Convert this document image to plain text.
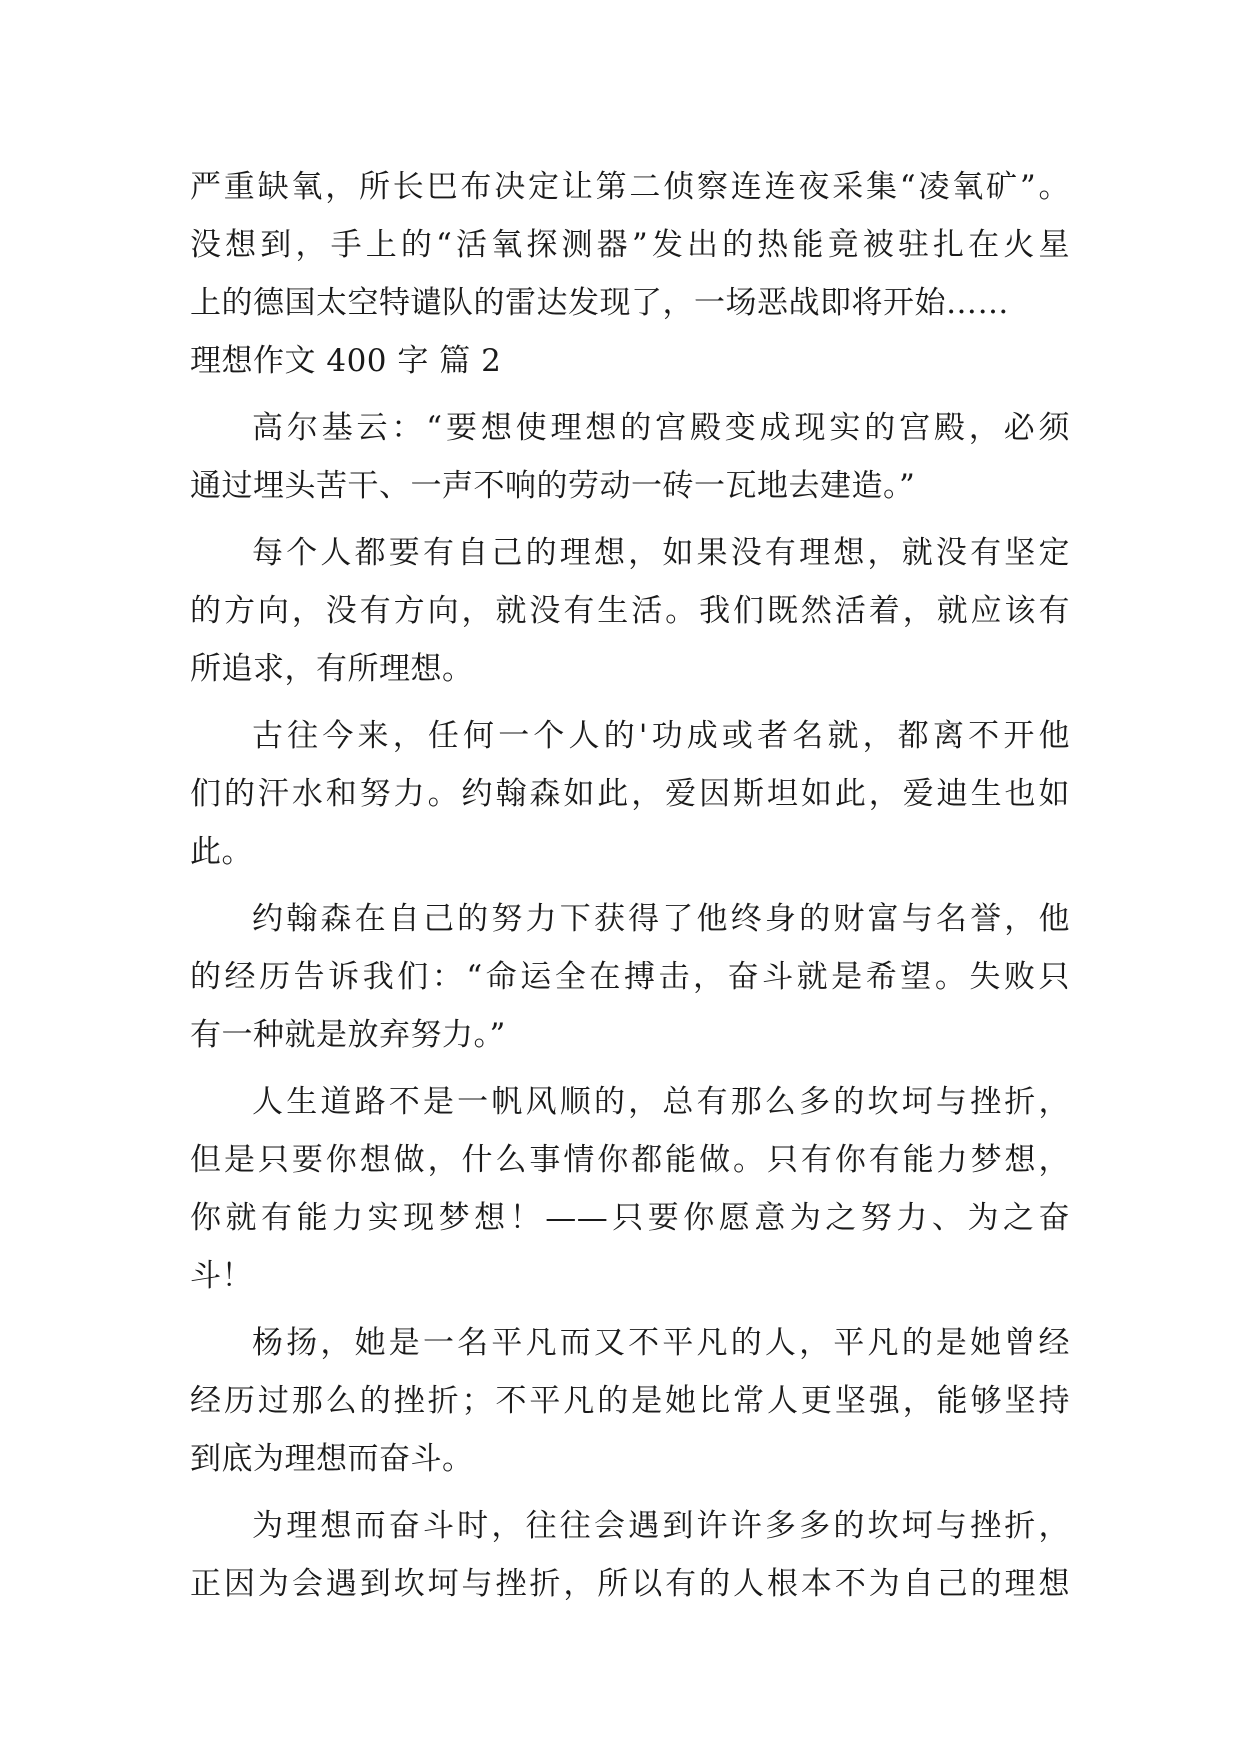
严重缺氧，所长巴布决定让第二侦察连连夜采集“凌氧矿”。
没想到，手上的“活氧探测器”发出的热能竟被驻扎在火星
上的德国太空特谴队的雷达发现了，一场恶战即将开始……
理想作文 400 字 篇 2
高尔基云：“要想使理想的宫殿变成现实的宫殿，必须
通过埋头苦干、一声不响的劳动一砖一瓦地去建造。”
每个人都要有自己的理想，如果没有理想，就没有坚定
的方向，没有方向，就没有生活。我们既然活着，就应该有
所追求，有所理想。
古往今来，任何一个人的'功成或者名就，都离不开他
们的汗水和努力。约翰森如此，爱因斯坦如此，爱迪生也如
此。
约翰森在自己的努力下获得了他终身的财富与名誉，他
的经历告诉我们：“命运全在搏击，奋斗就是希望。失败只
有一种就是放弃努力。”
人生道路不是一帆风顺的，总有那么多的坎坷与挫折，
但是只要你想做，什么事情你都能做。只有你有能力梦想，
你就有能力实现梦想！——只要你愿意为之努力、为之奋
斗！
杨扬，她是一名平凡而又不平凡的人，平凡的是她曾经
经历过那么的挫折；不平凡的是她比常人更坚强，能够坚持
到底为理想而奋斗。
为理想而奋斗时，往往会遇到许许多多的坎坷与挫折，
正因为会遇到坎坷与挫折，所以有的人根本不为自己的理想
